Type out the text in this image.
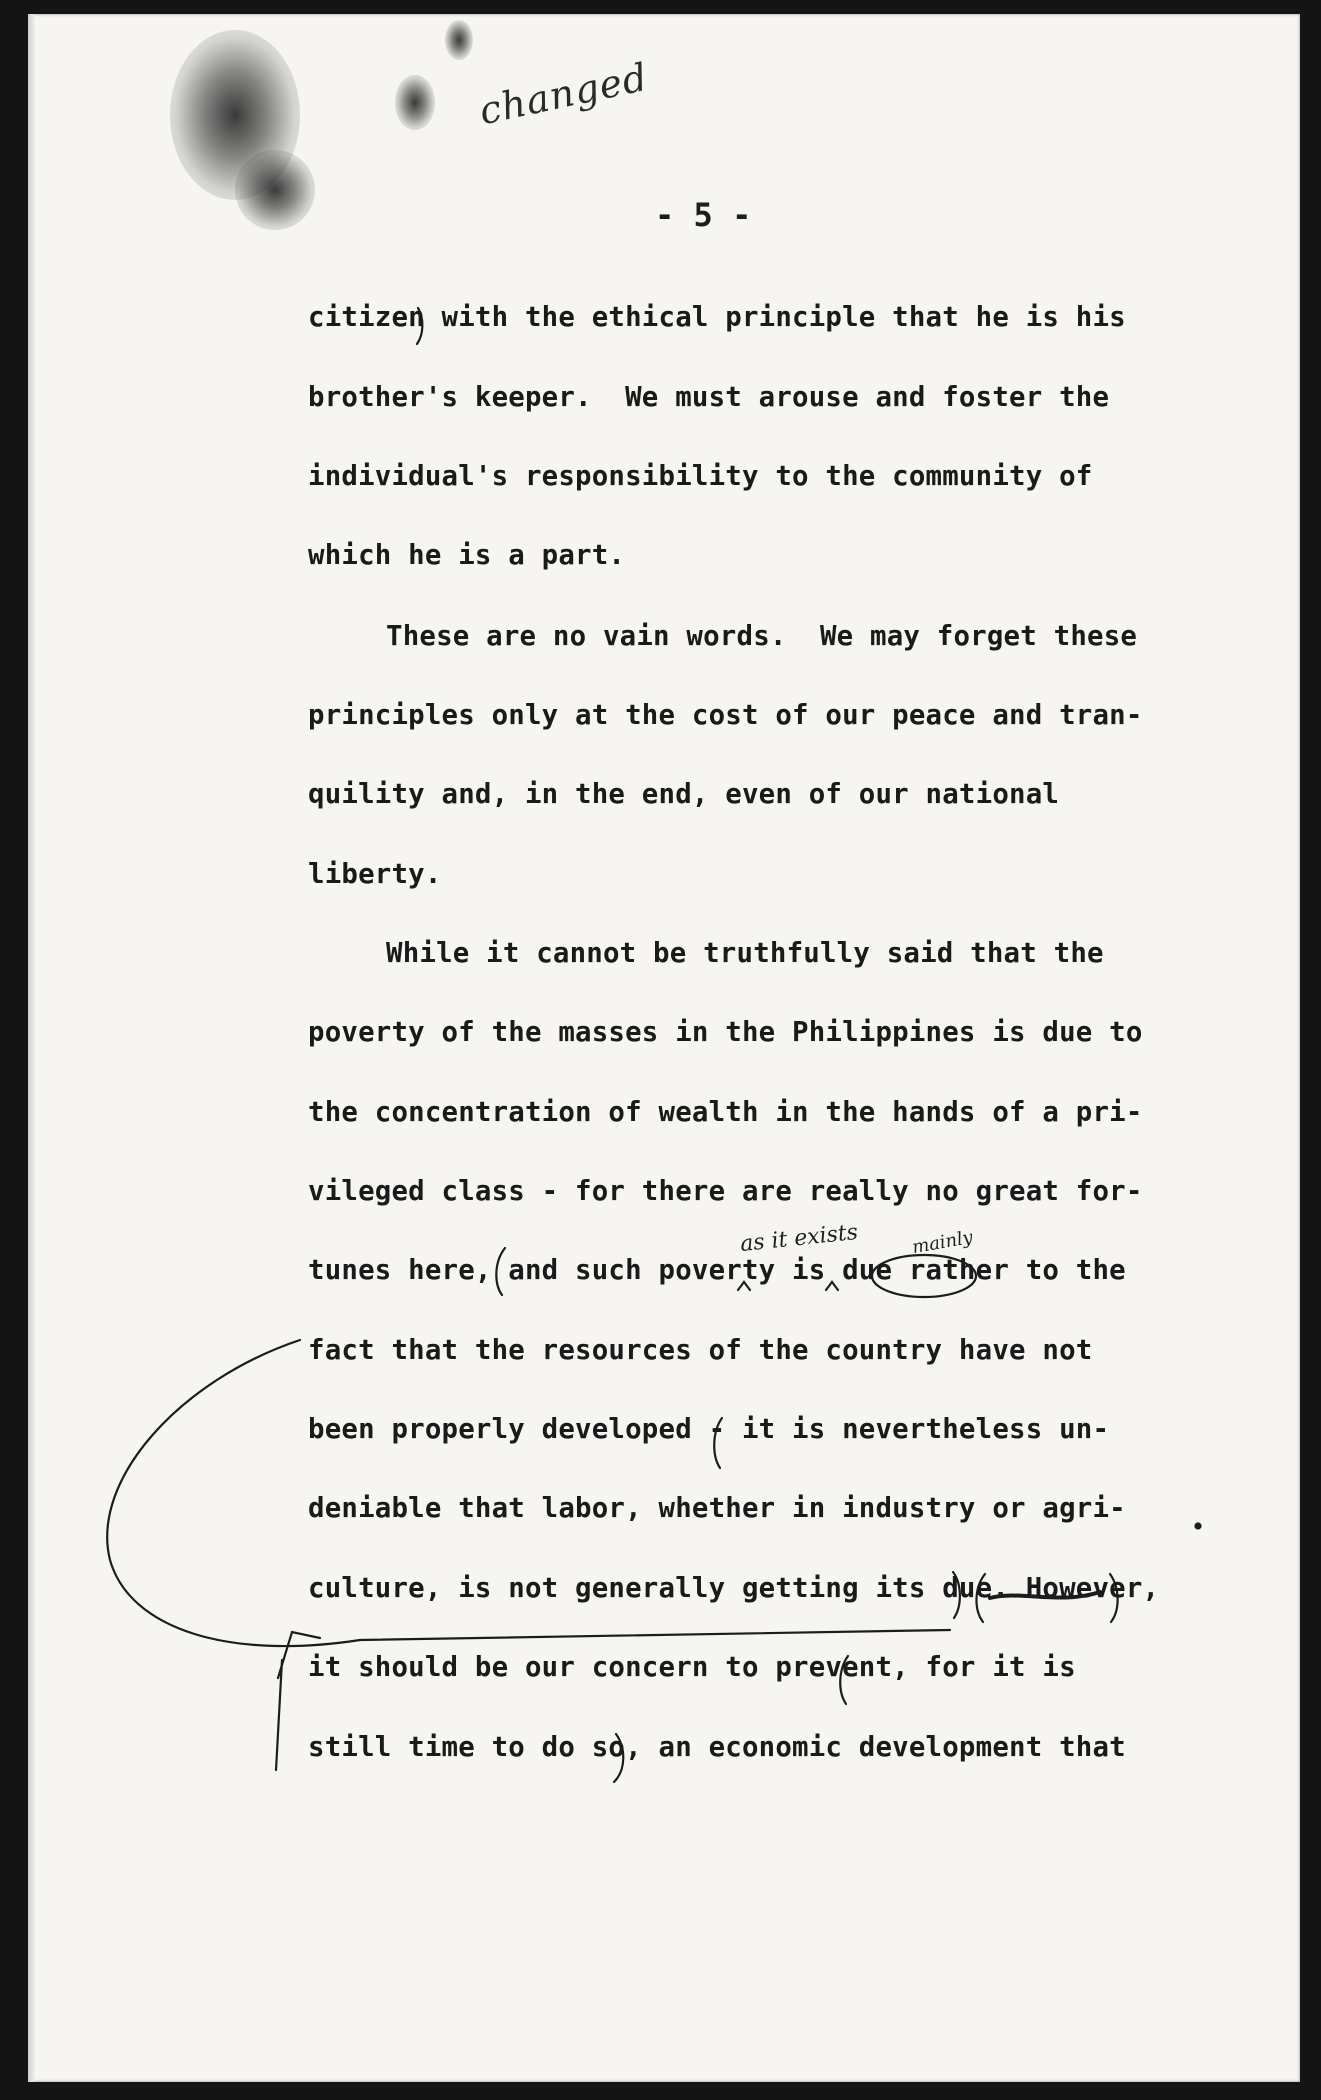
changed
- 5 -
citizen with the ethical principle that he is his
brother's keeper.  We must arouse and foster the
individual's responsibility to the community of
which he is a part.
These are no vain words.  We may forget these
principles only at the cost of our peace and tran-
quility and, in the end, even of our national
liberty.
While it cannot be truthfully said that the
poverty of the masses in the Philippines is due to
the concentration of wealth in the hands of a pri-
vileged class - for there are really no great for-
tunes here, and such poverty is due rather to the
fact that the resources of the country have not
been properly developed - it is nevertheless un-
deniable that labor, whether in industry or agri-
culture, is not generally getting its due. However,
it should be our concern to prevent, for it is
still time to do so, an economic development that
as it exists	mainly
